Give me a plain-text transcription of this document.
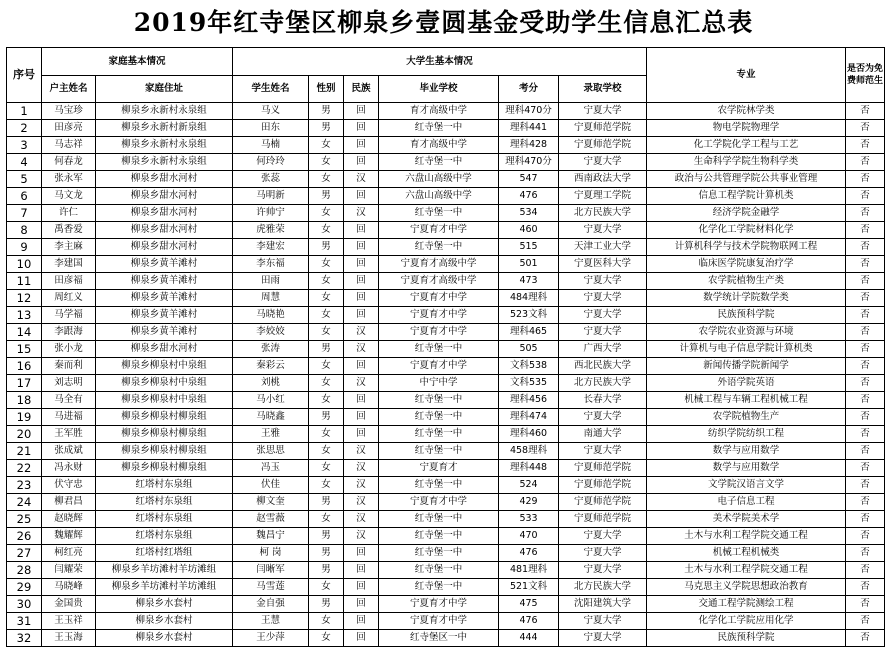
2019年红寺堡区柳泉乡壹圆基金受助学生信息汇总表
序号	家庭基本情况		大学生基本情况						专业	是否为免费师范生
	户主姓名	家庭住址	学生姓名	性别	民族	毕业学校	考分	录取学校		
1	马宝珍	柳泉乡永新村永泉组	马义	男	回	育才高级中学	理科470分	宁夏大学	农学院林学类	否
2	田彦亮	柳泉乡永新村新泉组	田东	男	回	红寺堡一中	理科441	宁夏师范学院	物电学院物理学	否
3	马志祥	柳泉乡永新村永泉组	马楠	女	回	育才高级中学	理科428	宁夏师范学院	化工学院化学工程与工艺	否
4	何春龙	柳泉乡永新村永泉组	何玲玲	女	回	红寺堡一中	理科470分	宁夏大学	生命科学学院生物科学类	否
5	张永军	柳泉乡甜水河村	张蕊	女	汉	六盘山高级中学	547	西南政法大学	政治与公共管理学院公共事业管理	否
6	马文龙	柳泉乡甜水河村	马明新	男	回	六盘山高级中学	476	宁夏理工学院	信息工程学院计算机类	否
7	许仁	柳泉乡甜水河村	许帅宁	女	汉	红寺堡一中	534	北方民族大学	经济学院金融学	否
8	禹香爱	柳泉乡甜水河村	虎雅荣	女	回	宁夏育才中学	460	宁夏大学	化学化工学院材料化学	否
9	李主麻	柳泉乡甜水河村	李建宏	男	回	红寺堡一中	515	天津工业大学	计算机科学与技术学院物联网工程	否
10	李建国	柳泉乡黄羊滩村	李东福	女	回	宁夏育才高级中学	501	宁夏医科大学	临床医学院康复治疗学	否
11	田彦福	柳泉乡黄羊滩村	田雨	女	回	宁夏育才高级中学	473	宁夏大学	农学院植物生产类	否
12	周红义	柳泉乡黄羊滩村	周慧	女	回	宁夏育才中学	484理科	宁夏大学	数学统计学院数学类	否
13	马学福	柳泉乡黄羊滩村	马晓艳	女	回	宁夏育才中学	523文科	宁夏大学	民族预科学院	否
14	李跟海	柳泉乡黄羊滩村	李姣姣	女	汉	宁夏育才中学	理科465	宁夏大学	农学院农业资源与环境	否
15	张小龙	柳泉乡甜水河村	张涛	男	汉	红寺堡一中	505	广西大学	计算机与电子信息学院计算机类	否
16	秦而利	柳泉乡柳泉村中泉组	秦彩云	女	回	宁夏育才中学	文科538	西北民族大学	新闻传播学院新闻学	否
17	刘志明	柳泉乡柳泉村中泉组	刘桃	女	汉	中宁中学	文科535	北方民族大学	外语学院英语	否
18	马全有	柳泉乡柳泉村中泉组	马小红	女	回	红寺堡一中	理科456	长春大学	机械工程与车辆工程机械工程	否
19	马进福	柳泉乡柳泉村柳泉组	马晓鑫	男	回	红寺堡一中	理科474	宁夏大学	农学院植物生产	否
20	王军胜	柳泉乡柳泉村柳泉组	王雅	女	回	红寺堡一中	理科460	南通大学	纺织学院纺织工程	否
21	张成斌	柳泉乡柳泉村柳泉组	张思思	女	汉	红寺堡一中	458理科	宁夏大学	数学与应用数学	否
22	冯永财	柳泉乡柳泉村柳泉组	冯玉	女	汉	宁夏育才	理科448	宁夏师范学院	数学与应用数学	否
23	伏守忠	红塔村东泉组	伏佳	女	汉	红寺堡一中	524	宁夏师范学院	文学院汉语言文学	否
24	柳君昌	红塔村东泉组	柳文奎	男	汉	宁夏育才中学	429	宁夏师范学院	电子信息工程	否
25	赵晓辉	红塔村东泉组	赵雪薇	女	汉	红寺堡一中	533	宁夏师范学院	美术学院美术学	否
26	魏耀辉	红塔村东泉组	魏昌宁	男	汉	红寺堡一中	470	宁夏大学	土木与水利工程学院交通工程	否
27	柯红亮	红塔村红塔组	柯 岗	男	回	红寺堡一中	476	宁夏大学	机械工程机械类	否
28	闫耀荣	柳泉乡羊坊滩村羊坊滩组	闫晰军	男	回	红寺堡一中	481理科	宁夏大学	土木与水利工程学院交通工程	否
29	马晓峰	柳泉乡羊坊滩村羊坊滩组	马雪莲	女	回	红寺堡一中	521文科	北方民族大学	马克思主义学院思想政治教育	否
30	金国贵	柳泉乡水套村	金自强	男	回	宁夏育才中学	475	沈阳建筑大学	交通工程学院测绘工程	否
31	王玉祥	柳泉乡水套村	王慧	女	回	宁夏育才中学	476	宁夏大学	化学化工学院应用化学	否
32	王玉海	柳泉乡水套村	王少萍	女	回	红寺堡区一中	444	宁夏大学	民族预科学院	否
